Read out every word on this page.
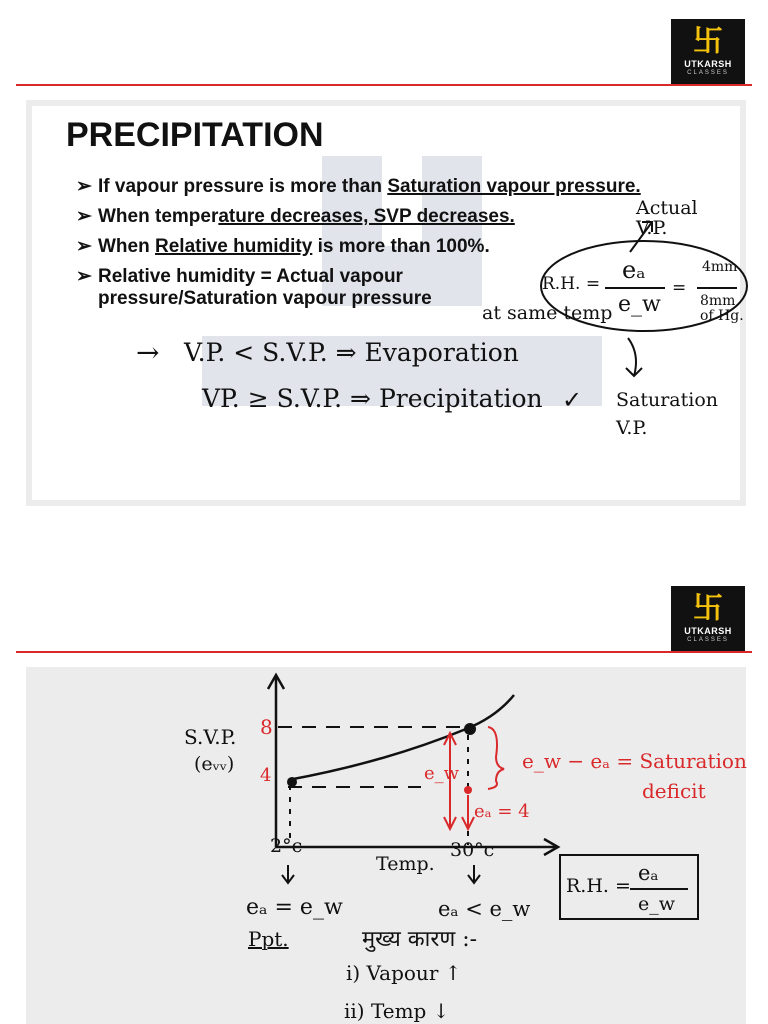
卐
UTKARSH
CLASSES
PRECIPITATION
➢ If vapour pressure is more than Saturation vapour pressure.
➢ When temperature decreases, SVP decreases.
➢ When Relative humidity is more than 100%.
➢ Relative humidity = Actual vapour pressure/Saturation vapour pressure
at same temp
Actual V.P.
R.H. = eₐ
e_w
=
4mm
8mm of Hg.
Saturation V.P.
→ V.P. < S.V.P. ⇒ Evaporation
VP. ≥ S.V.P. ⇒ Precipitation ✓
卐
UTKARSH
CLASSES
S.V.P.
(eᵥᵥ)
8
4	e_w
eₐ = 4
e_w − eₐ = Saturation
deficit
2°c	30°c
Temp.
eₐ = e_w
Ppt.
eₐ < e_w
R.H. =
eₐ
e_w
मुख्य कारण :-
i) Vapour ↑
ii) Temp ↓
